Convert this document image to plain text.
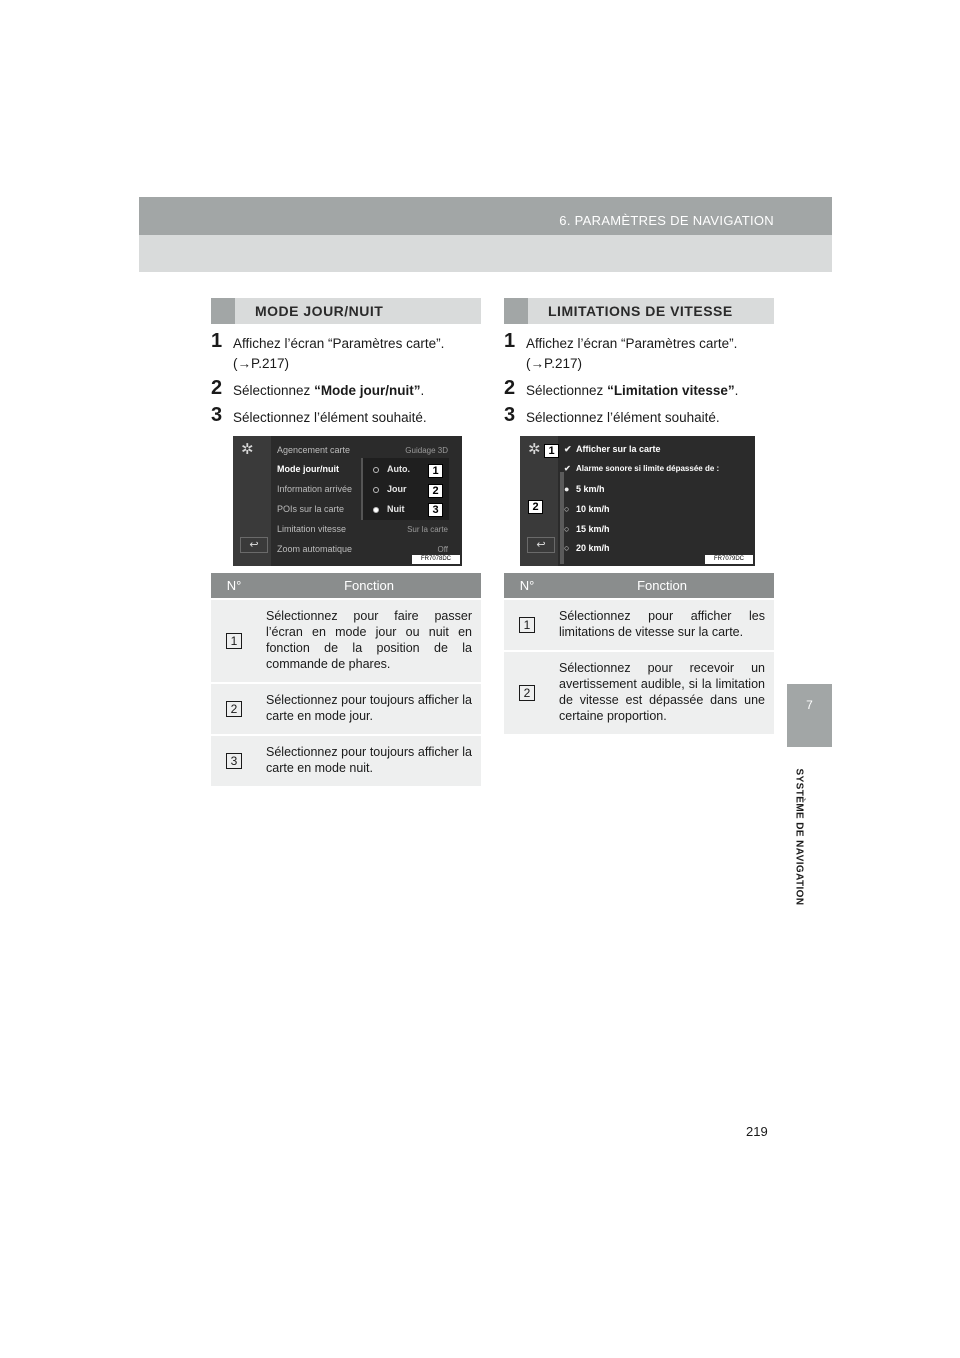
6. PARAMÈTRES DE NAVIGATION
7
SYSTÈME DE NAVIGATION
MODE JOUR/NUIT
1 Affichez l’écran “Paramètres carte”.
(→P.217)
2 Sélectionnez “Mode jour/nuit”.
3 Sélectionnez l’élément souhaité.
✲
↩
Agencement carte	Guidage 3D
Mode jour/nuit
Information arrivée
POIs sur la carte
Limitation vitesse	Sur la carte
Zoom automatique	Off
Auto.
Jour
Nuit
1
2
3
FR7078DC
N°	Fonction
1	Sélectionnez pour faire passer l’écran en mode jour ou nuit en fonction de la position de la commande de phares.
2	Sélectionnez pour toujours afficher la carte en mode jour.
3	Sélectionnez pour toujours afficher la carte en mode nuit.
LIMITATIONS DE VITESSE
1 Affichez l’écran “Paramètres carte”.
(→P.217)
2 Sélectionnez “Limitation vitesse”.
3 Sélectionnez l’élément souhaité.
✲
↩
✔ Afficher sur la carte
✔ Alarme sonore si limite dépassée de :
● 5 km/h
○ 10 km/h
○ 15 km/h
○ 20 km/h
1
2
FR7079DC
N°	Fonction
1	Sélectionnez pour afficher les limitations de vitesse sur la carte.
2	Sélectionnez pour recevoir un avertissement audible, si la limitation de vitesse est dépassée dans une certaine proportion.
219
